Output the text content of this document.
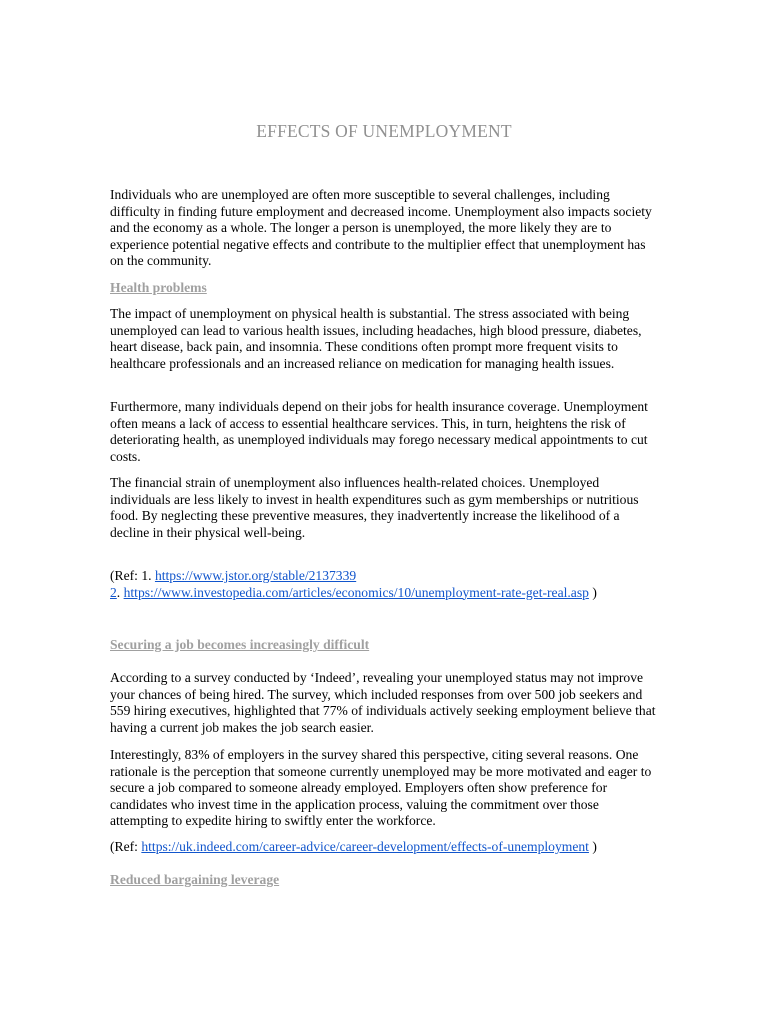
EFFECTS OF UNEMPLOYMENT

Individuals who are unemployed are often more susceptible to several challenges, including difficulty in finding future employment and decreased income. Unemployment also impacts society and the economy as a whole. The longer a person is unemployed, the more likely they are to experience potential negative effects and contribute to the multiplier effect that unemployment has on the community.

Health problems

The impact of unemployment on physical health is substantial. The stress associated with being unemployed can lead to various health issues, including headaches, high blood pressure, diabetes, heart disease, back pain, and insomnia. These conditions often prompt more frequent visits to healthcare professionals and an increased reliance on medication for managing health issues.

Furthermore, many individuals depend on their jobs for health insurance coverage. Unemployment often means a lack of access to essential healthcare services. This, in turn, heightens the risk of deteriorating health, as unemployed individuals may forego necessary medical appointments to cut costs.

The financial strain of unemployment also influences health-related choices. Unemployed individuals are less likely to invest in health expenditures such as gym memberships or nutritious food. By neglecting these preventive measures, they inadvertently increase the likelihood of a decline in their physical well-being.

(Ref: 1. https://www.jstor.org/stable/2137339
2. https://www.investopedia.com/articles/economics/10/unemployment-rate-get-real.asp )

Securing a job becomes increasingly difficult

According to a survey conducted by ‘Indeed’, revealing your unemployed status may not improve your chances of being hired. The survey, which included responses from over 500 job seekers and 559 hiring executives, highlighted that 77% of individuals actively seeking employment believe that having a current job makes the job search easier.

Interestingly, 83% of employers in the survey shared this perspective, citing several reasons. One rationale is the perception that someone currently unemployed may be more motivated and eager to secure a job compared to someone already employed. Employers often show preference for candidates who invest time in the application process, valuing the commitment over those attempting to expedite hiring to swiftly enter the workforce.

(Ref: https://uk.indeed.com/career-advice/career-development/effects-of-unemployment )

Reduced bargaining leverage
